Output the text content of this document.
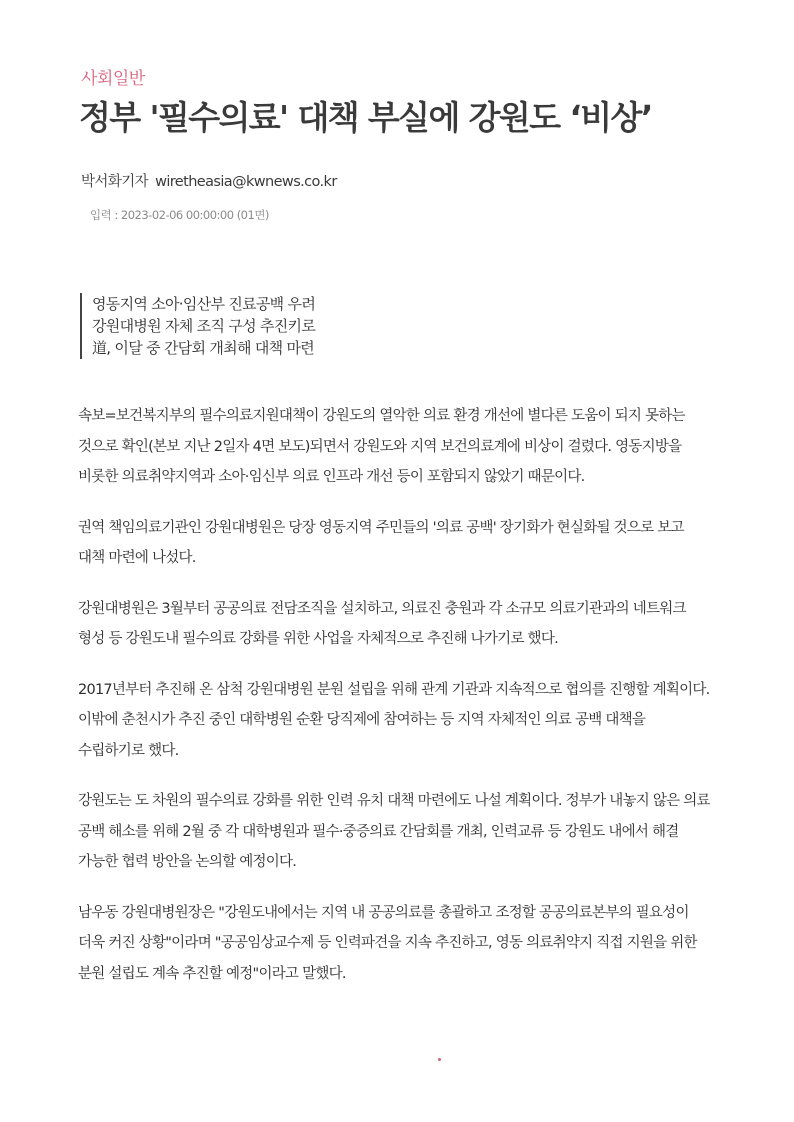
사회일반
정부 '필수의료' 대책 부실에 강원도 ‘비상’
박서화기자 wiretheasia@kwnews.co.kr
입력 : 2023-02-06 00:00:00 (01면)
영동지역 소아·임산부 진료공백 우려
강원대병원 자체 조직 구성 추진키로
道, 이달 중 간담회 개최해 대책 마련

속보=보건복지부의 필수의료지원대책이 강원도의 열악한 의료 환경 개선에 별다른 도움이 되지 못하는 것으로 확인(본보 지난 2일자 4면 보도)되면서 강원도와 지역 보건의료계에 비상이 걸렸다. 영동지방을 비롯한 의료취약지역과 소아·임신부 의료 인프라 개선 등이 포함되지 않았기 때문이다.

권역 책임의료기관인 강원대병원은 당장 영동지역 주민들의 '의료 공백' 장기화가 현실화될 것으로 보고 대책 마련에 나섰다.

강원대병원은 3월부터 공공의료 전담조직을 설치하고, 의료진 충원과 각 소규모 의료기관과의 네트워크 형성 등 강원도내 필수의료 강화를 위한 사업을 자체적으로 추진해 나가기로 했다.

2017년부터 추진해 온 삼척 강원대병원 분원 설립을 위해 관계 기관과 지속적으로 협의를 진행할 계획이다. 이밖에 춘천시가 추진 중인 대학병원 순환 당직제에 참여하는 등 지역 자체적인 의료 공백 대책을 수립하기로 했다.

강원도는 도 차원의 필수의료 강화를 위한 인력 유치 대책 마련에도 나설 계획이다. 정부가 내놓지 않은 의료 공백 해소를 위해 2월 중 각 대학병원과 필수·중증의료 간담회를 개최, 인력교류 등 강원도 내에서 해결 가능한 협력 방안을 논의할 예정이다.

남우동 강원대병원장은 "강원도내에서는 지역 내 공공의료를 총괄하고 조정할 공공의료본부의 필요성이 더욱 커진 상황"이라며 "공공임상교수제 등 인력파견을 지속 추진하고, 영동 의료취약지 직접 지원을 위한 분원 설립도 계속 추진할 예정"이라고 말했다.
